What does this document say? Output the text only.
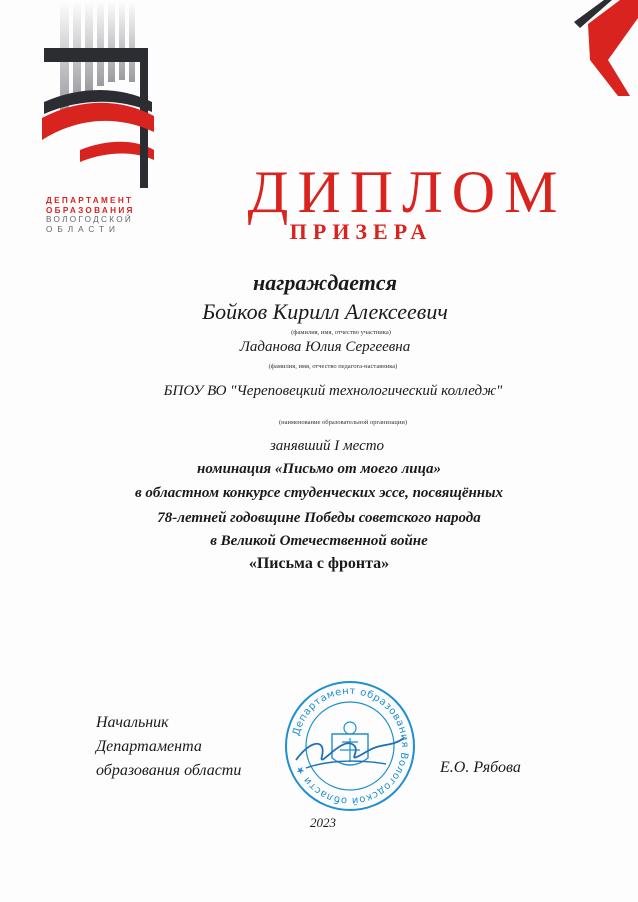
ДЕПАРТАМЕНТ
ОБРАЗОВАНИЯ
ВОЛОГОДСКОЙ
ОБЛАСТИ
ДИПЛОМ
ПРИЗЕРА
награждается
Бойков Кирилл Алексеевич
(фамилия, имя, отчество участника)
Ладанова Юлия Сергеевна
(фамилия, имя, отчество педагога-наставника)
БПОУ ВО "Череповецкий технологический колледж"
(наименование образовательной организации)
занявший I место
номинация «Письмо от моего лица»
в областном конкурсе студенческих эссе, посвящённых
78-летней годовщине Победы советского народа
в Великой Отечественной войне
«Письма с фронта»
Начальник
Департамента
образования области
Департамент образования Вологодской области ★	Е.О. Рябова
2023
